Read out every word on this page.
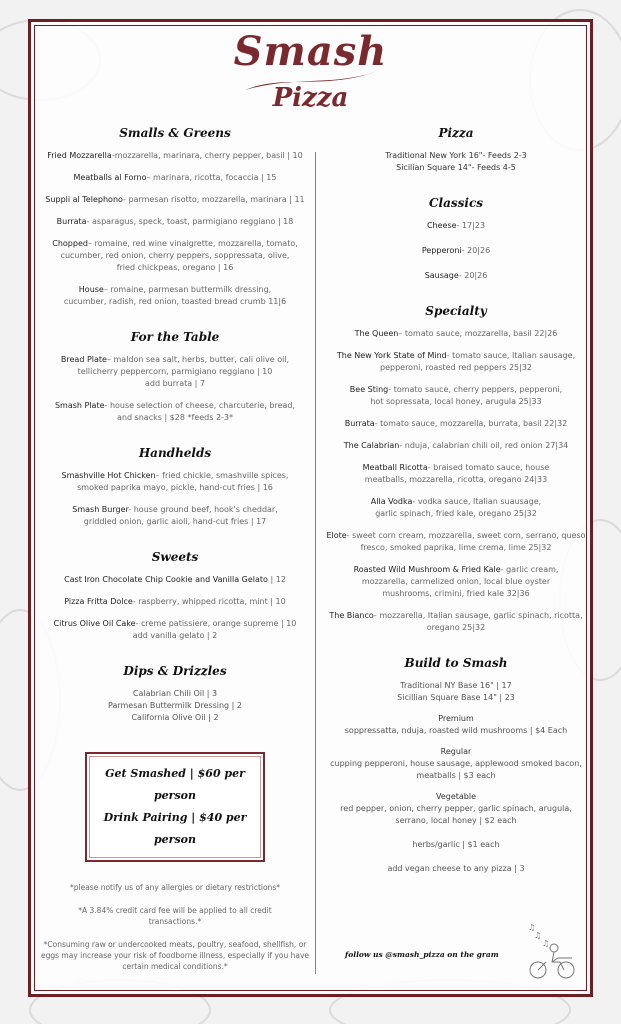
Smash
Pizza
Smalls & Greens

Fried Mozzarella-mozzarella, marinara, cherry pepper, basil | 10

Meatballs al Forno– marinara, ricotta, focaccia | 15

Suppli al Telephono- parmesan risotto, mozzarella, marinara | 11

Burrata- asparagus, speck, toast, parmigiano reggiano | 18

Chopped– romaine, red wine vinaigrette, mozzarella, tomato, cucumber, red onion, cherry peppers, soppressata, olive, fried chickpeas, oregano | 16

House– romaine, parmesan buttermilk dressing, cucumber, radish, red onion, toasted bread crumb 11|6

For the Table

Bread Plate– maldon sea salt, herbs, butter, cali olive oil, tellicherry peppercorn, parmigiano reggiano | 10
add burrata | 7

Smash Plate- house selection of cheese, charcuterie, bread, and snacks | $28 *feeds 2-3*

Handhelds

Smashville Hot Chicken– fried chickie, smashville spices, smoked paprika mayo, pickle, hand-cut fries | 16

Smash Burger- house ground beef, hook's cheddar, griddled onion, garlic aioli, hand-cut fries | 17

Sweets

Cast Iron Chocolate Chip Cookie and Vanilla Gelato | 12

Pizza Fritta Dolce- raspberry, whipped ricotta, mint | 10

Citrus Olive Oil Cake- creme patissiere, orange supreme | 10
add vanilla gelato | 2

Dips & Drizzles
Calabrian Chili Oil | 3
Parmesan Buttermilk Dressing | 2
California Olive Oil | 2
Get Smashed | $60 per person
Drink Pairing | $40 per person

*please notify us of any allergies or dietary restrictions*

*A 3.84% credit card fee will be applied to all credit transactions.*

*Consuming raw or undercooked meats, poultry, seafood, shellfish, or eggs may increase your risk of foodborne illness, especially if you have certain medical conditions.*

Pizza
Traditional New York 16"- Feeds 2-3
Sicilian Square 14"- Feeds 4-5
Classics

Cheese- 17|23

Pepperoni- 20|26

Sausage- 20|26

Specialty

The Queen– tomato sauce, mozzarella, basil 22|26

The New York State of Mind- tomato sauce, Italian sausage, pepperoni, roasted red peppers 25|32

Bee Sting- tomato sauce, cherry peppers, pepperoni, hot sopressata, local honey, arugula 25|33

Burrata- tomato sauce, mozzarella, burrata, basil 22|32

The Calabrian- nduja, calabrian chili oil, red onion 27|34

Meatball Ricotta- braised tomato sauce, house meatballs, mozzarella, ricotta, oregano 24|33

Alla Vodka- vodka sauce, Italian suausage, garlic spinach, fried kale, oregano 25|32

Elote- sweet corn cream, mozzarella, sweet corn, serrano, queso fresco, smoked paprika, lime crema, lime 25|32

Roasted Wild Mushroom & Fried Kale- garlic cream, mozzarella, carmelized onion, local blue oyster mushrooms, crimini, fried kale 32|36

The Bianco- mozzarella, Italian sausage, garlic spinach, ricotta, oregano 25|32

Build to Smash
Traditional NY Base 16" | 17
Sicillian Square Base 14" | 23
Premium
soppressatta, nduja, roasted wild mushrooms | $4 Each
Regular
cupping pepperoni, house sausage, applewood smoked bacon, meatballs | $3 each
Vegetable
red pepper, onion, cherry pepper, garlic spinach, arugula, serrano, local honey | $2 each
herbs/garlic | $1 each
add vegan cheese to any pizza | 3
follow us @smash_pizza on the gram
♫
♫
♫
